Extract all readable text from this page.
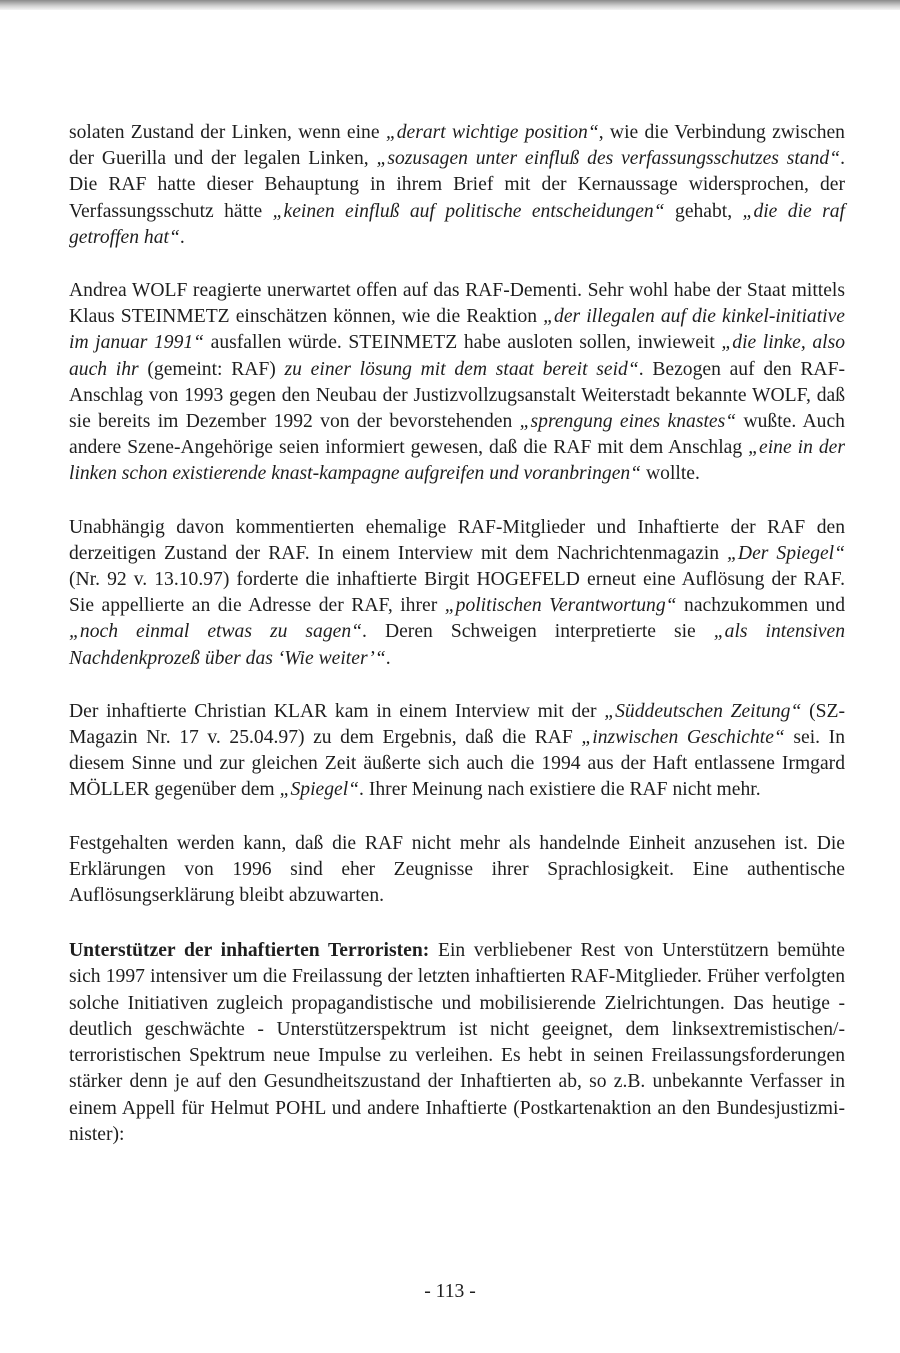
solaten Zustand der Linken, wenn eine „derart wichtige position“, wie die Verbindung zwischen der Guerilla und der legalen Linken, „sozusagen unter einfluß des verfassungsschutzes stand“. Die RAF hatte dieser Behauptung in ihrem Brief mit der Kernaussage widersprochen, der Verfassungsschutz hätte „keinen einfluß auf politische entscheidungen“ gehabt, „die die raf getroffen hat“.

Andrea WOLF reagierte unerwartet offen auf das RAF-Dementi. Sehr wohl habe der Staat mittels Klaus STEINMETZ einschätzen können, wie die Reaktion „der illegalen auf die kinkel-initiative im januar 1991“ ausfallen würde. STEINMETZ habe ausloten sollen, inwieweit „die linke, also auch ihr (gemeint: RAF) zu einer lösung mit dem staat bereit seid“. Bezogen auf den RAF-Anschlag von 1993 gegen den Neubau der Justizvollzugsanstalt Weiterstadt bekannte WOLF, daß sie bereits im Dezember 1992 von der bevorstehenden „sprengung eines knastes“ wußte. Auch andere Szene-Angehörige seien informiert gewesen, daß die RAF mit dem Anschlag „eine in der linken schon existierende knast-kampagne aufgreifen und voranbringen“ wollte.

Unabhängig davon kommentierten ehemalige RAF-Mitglieder und Inhaftierte der RAF den derzeitigen Zustand der RAF. In einem Interview mit dem Nachrichtenmagazin „Der Spiegel“ (Nr. 92 v. 13.10.97) forderte die inhaftierte Birgit HOGEFELD erneut eine Auflösung der RAF. Sie appellierte an die Adresse der RAF, ihrer „politischen Verantwortung“ nachzukommen und „noch einmal etwas zu sagen“. Deren Schweigen interpretierte sie „als intensiven Nachdenkprozeß über das ‘Wie weiter’“.

Der inhaftierte Christian KLAR kam in einem Interview mit der „Süddeutschen Zeitung“ (SZ-Magazin Nr. 17 v. 25.04.97) zu dem Ergebnis, daß die RAF „inzwischen Geschichte“ sei. In diesem Sinne und zur gleichen Zeit äußerte sich auch die 1994 aus der Haft entlassene Irmgard MÖLLER gegenüber dem „Spiegel“. Ihrer Meinung nach existiere die RAF nicht mehr.

Festgehalten werden kann, daß die RAF nicht mehr als handelnde Einheit anzusehen ist. Die Erklärungen von 1996 sind eher Zeugnisse ihrer Sprachlosigkeit. Eine authentische Auflösungserklärung bleibt abzuwarten.

Unterstützer der inhaftierten Terroristen: Ein verbliebener Rest von Unterstützern bemühte sich 1997 intensiver um die Freilassung der letzten inhaftierten RAF-Mitglieder. Früher verfolgten solche Initiativen zugleich propagandistische und mobilisierende Zielrichtungen. Das heutige - deutlich geschwächte - Unterstützerspektrum ist nicht geeignet, dem linksextremistischen/-terroristischen Spektrum neue Impulse zu verleihen. Es hebt in seinen Freilassungsforderungen stärker denn je auf den Gesundheitszustand der Inhaftierten ab, so z.B. unbekannte Verfasser in einem Appell für Helmut POHL und andere Inhaftierte (Postkartenaktion an den Bundesjustizminister):

- 113 -
